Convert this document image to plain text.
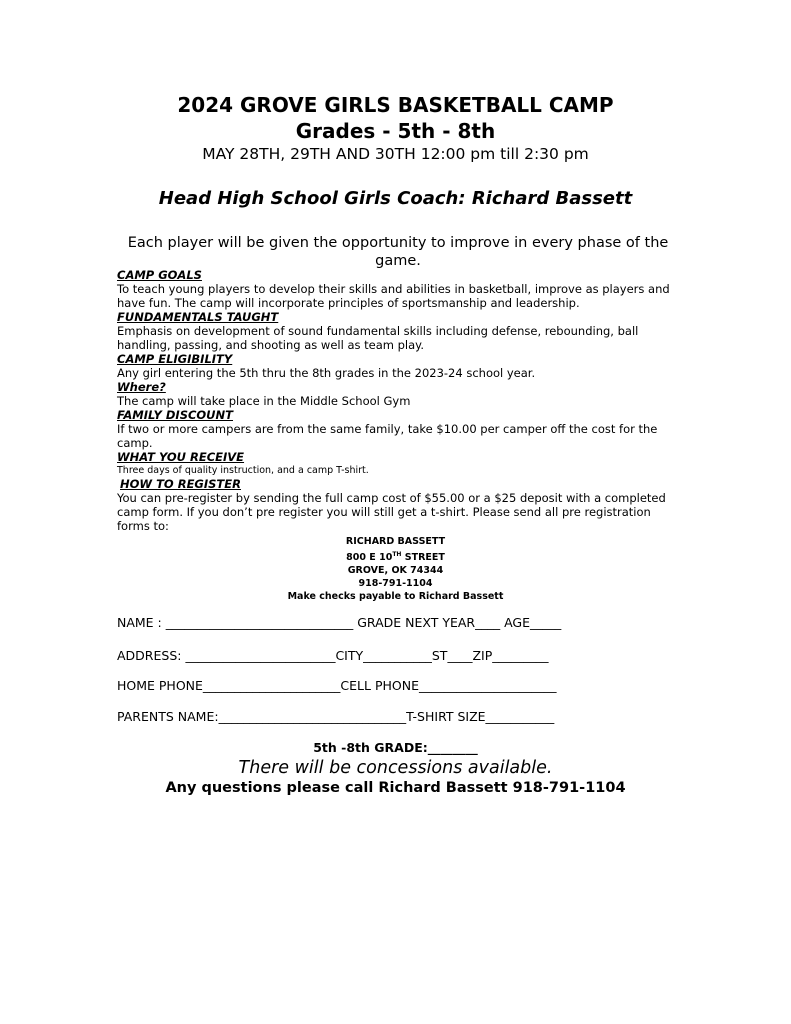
2024 GROVE GIRLS BASKETBALL CAMP
Grades - 5th - 8th
MAY 28TH, 29TH AND 30TH 12:00 pm till 2:30 pm
Head High School Girls Coach: Richard Bassett
Each player will be given the opportunity to improve in every phase of the game.

CAMP GOALS

To teach young players to develop their skills and abilities in basketball, improve as players and have fun. The camp will incorporate principles of sportsmanship and leadership.

FUNDAMENTALS TAUGHT

Emphasis on development of sound fundamental skills including defense, rebounding, ball handling, passing, and shooting as well as team play.

CAMP ELIGIBILITY

Any girl entering the 5th thru the 8th grades in the 2023-24 school year.

Where?

The camp will take place in the Middle School Gym

FAMILY DISCOUNT

If two or more campers are from the same family, take $10.00 per camper off the cost for the camp.

WHAT YOU RECEIVE

Three days of quality instruction, and a camp T-shirt.

HOW TO REGISTER

You can pre-register by sending the full camp cost of $55.00 or a $25 deposit with a completed camp form. If you don’t pre register you will still get a t-shirt. Please send all pre registration forms to:

RICHARD BASSETT
800 E 10TH STREET
GROVE, OK 74344
918-791-1104
Make checks payable to Richard Bassett
NAME : ______________________________ GRADE NEXT YEAR____ AGE_____
ADDRESS: ________________________CITY___________ST____ZIP_________
HOME PHONE______________________CELL PHONE______________________
PARENTS NAME:______________________________T-SHIRT SIZE___________
5th -8th GRADE:________
There will be concessions available.
Any questions please call Richard Bassett 918-791-1104
